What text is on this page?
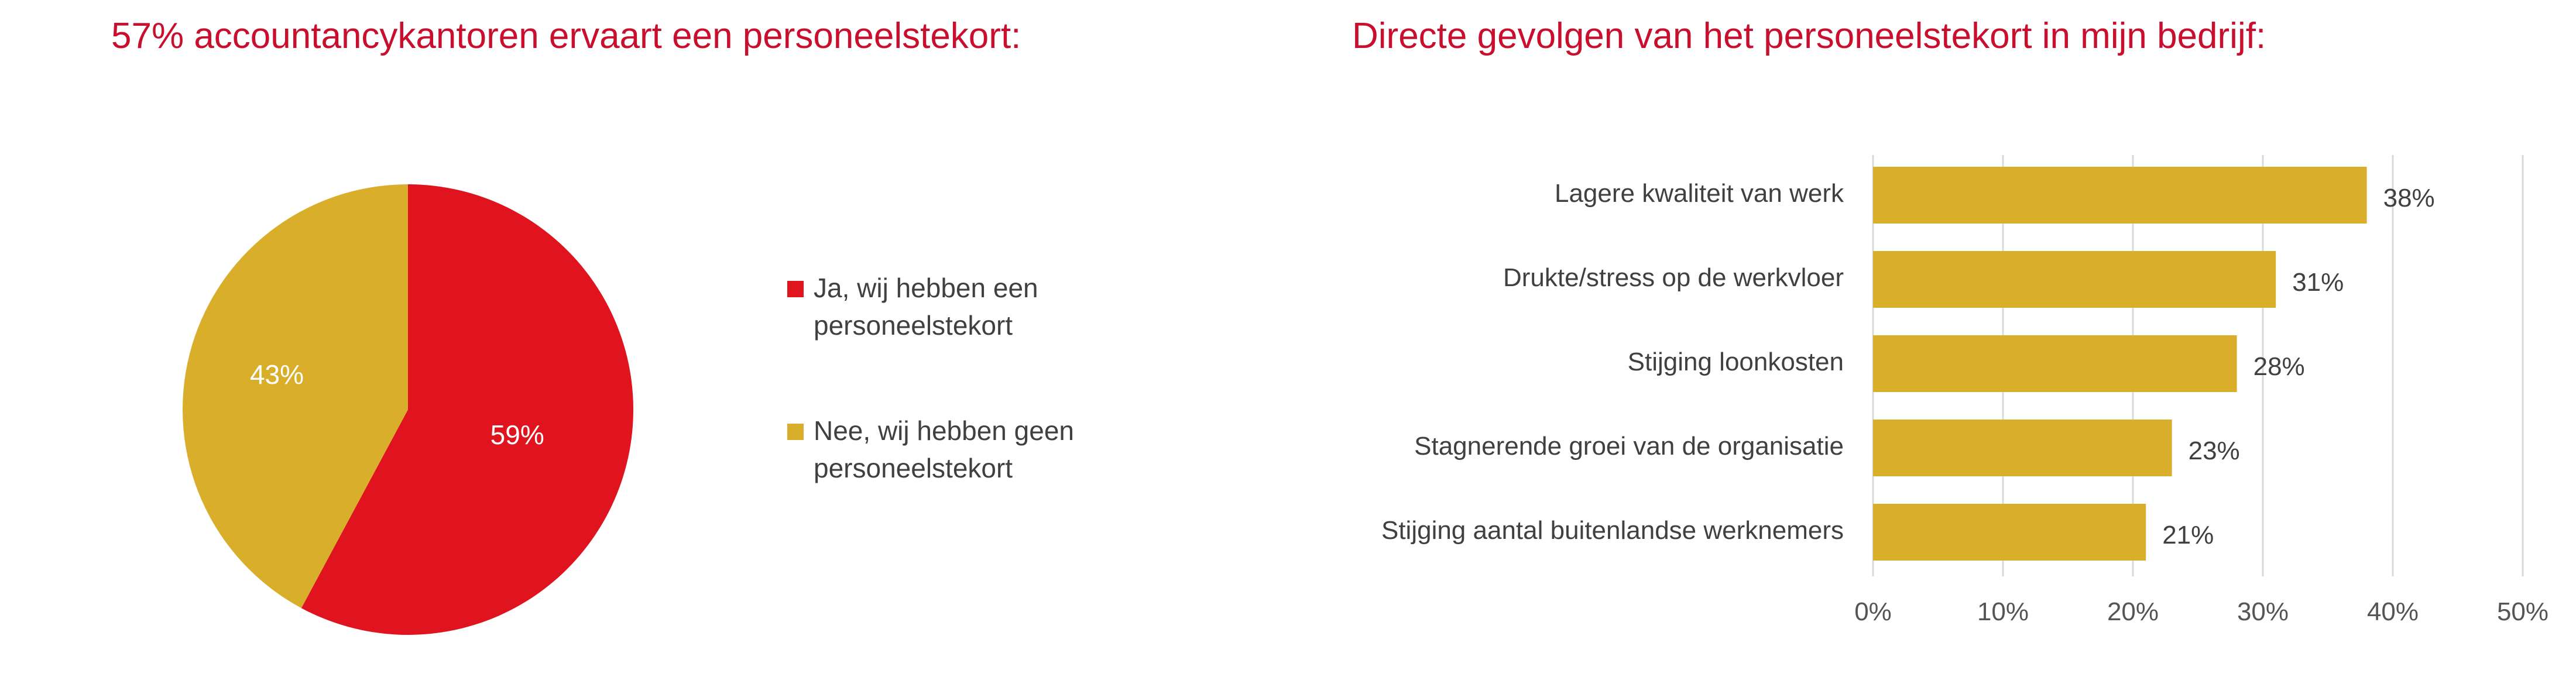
57% accountancykantoren ervaart een personeelstekort:	Directe gevolgen van het personeelstekort in mijn bedrijf:
59%
43%
0%	10%	20%	30%	40%	50%
Lagere kwaliteit van werk	38%
Drukte/stress op de werkvloer	31%
Stijging loonkosten	28%
Stagnerende groei van de organisatie	23%
Stijging aantal buitenlandse werknemers	21%
Ja, wij hebben een
personeelstekort
Nee, wij hebben geen
personeelstekort
